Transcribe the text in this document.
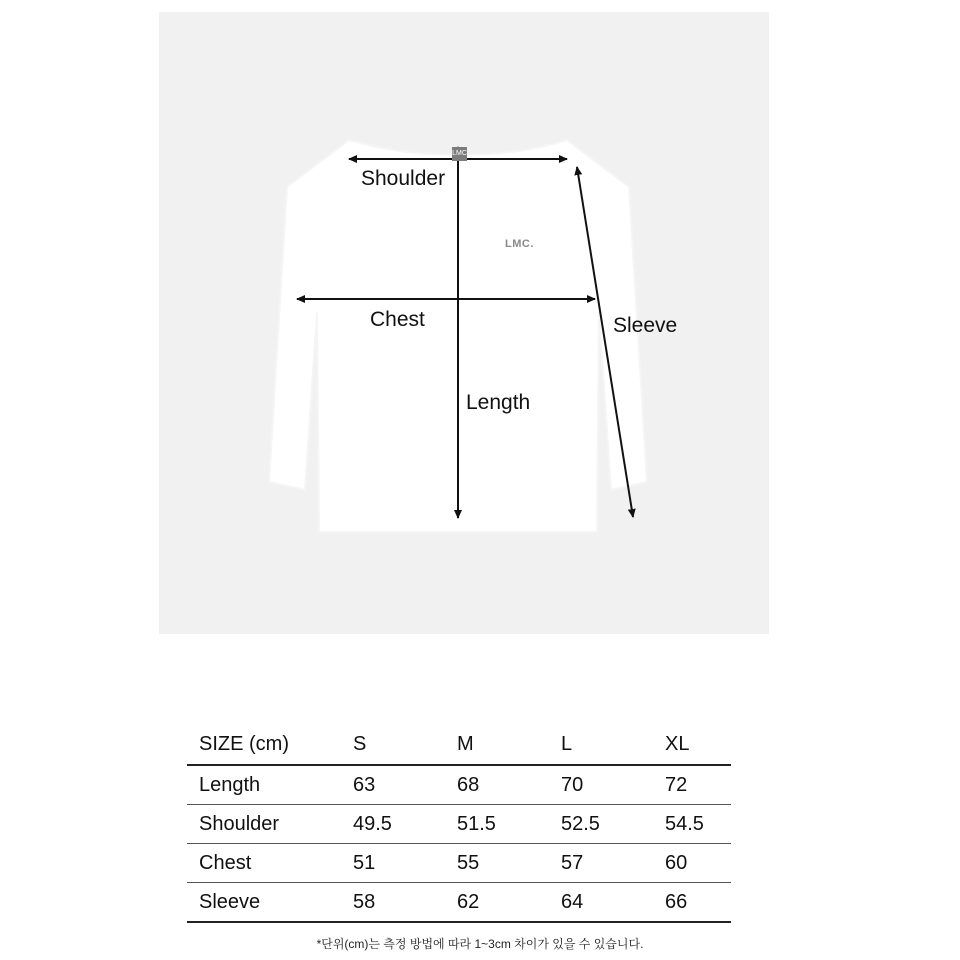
LMC
LMC.
Shoulder
Chest
Length
Sleeve
SIZE (cm)	S	M	L	XL
Length	63	68	70	72
Shoulder	49.5	51.5	52.5	54.5
Chest	51	55	57	60
Sleeve	58	62	64	66
*단위(cm)는 측정 방법에 따라 1~3cm 차이가 있을 수 있습니다.
